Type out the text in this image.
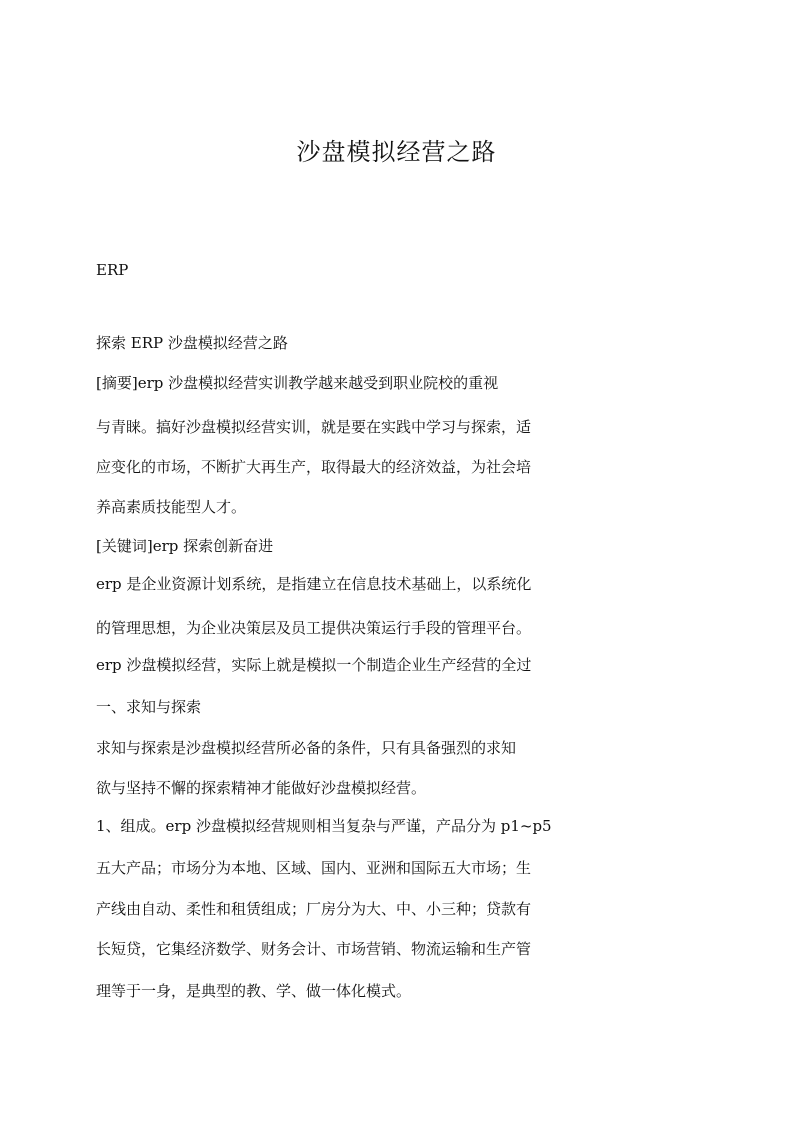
沙盘模拟经营之路
ERP
探索 ERP 沙盘模拟经营之路
[摘要]erp 沙盘模拟经营实训教学越来越受到职业院校的重视
与青睐。搞好沙盘模拟经营实训，就是要在实践中学习与探索，适
应变化的市场，不断扩大再生产，取得最大的经济效益，为社会培
养高素质技能型人才。
[关键词]erp 探索创新奋进
erp 是企业资源计划系统，是指建立在信息技术基础上，以系统化
的管理思想，为企业决策层及员工提供决策运行手段的管理平台。
erp 沙盘模拟经营，实际上就是模拟一个制造企业生产经营的全过
一、求知与探索
求知与探索是沙盘模拟经营所必备的条件，只有具备强烈的求知
欲与坚持不懈的探索精神才能做好沙盘模拟经营。
1、组成。erp 沙盘模拟经营规则相当复杂与严谨，产品分为 p1~p5
五大产品；市场分为本地、区域、国内、亚洲和国际五大市场；生
产线由自动、柔性和租赁组成；厂房分为大、中、小三种；贷款有
长短贷，它集经济数学、财务会计、市场营销、物流运输和生产管
理等于一身，是典型的教、学、做一体化模式。
